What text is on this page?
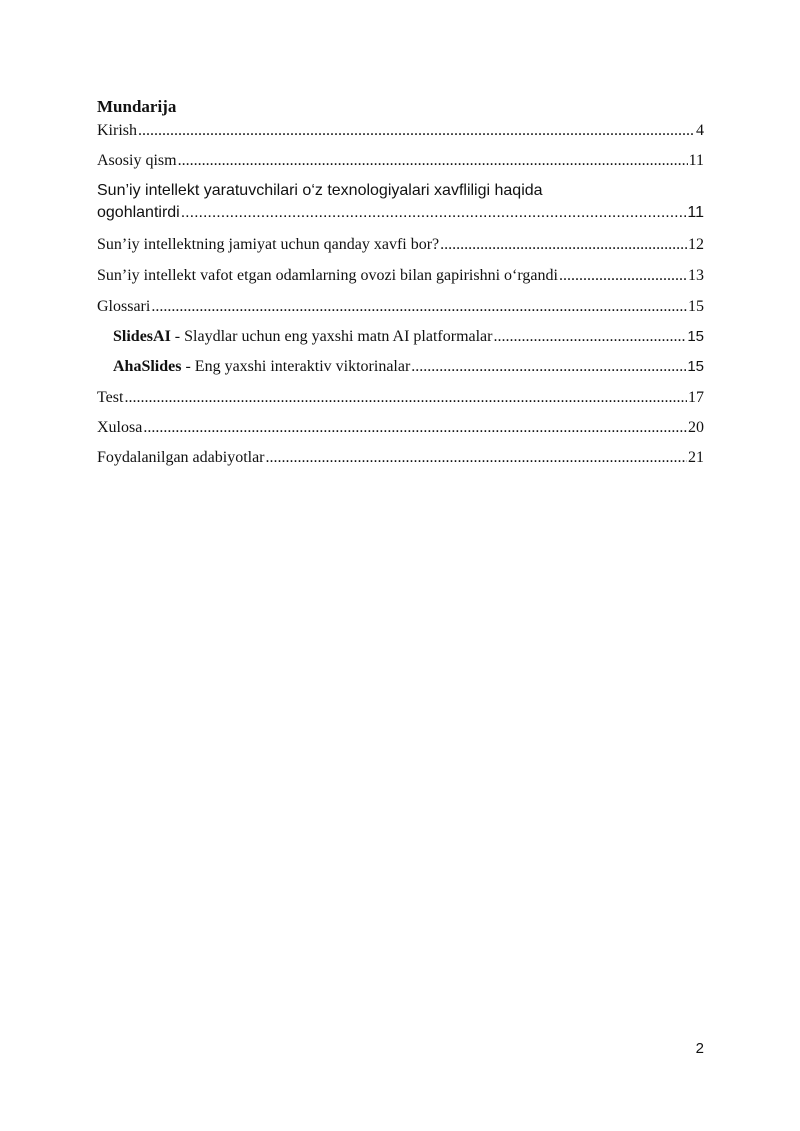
Mundarija
Kirish .....	4
Asosiy qism .....	11
Sun’iy intellekt yaratuvchilari o‘z texnologiyalari xavfliligi haqida
ogohlantirdi .....	11
Sun’iy intellektning jamiyat uchun qanday xavfi bor? .....	12
Sun’iy intellekt vafot etgan odamlarning ovozi bilan gapirishni o‘rgandi .....	13
Glossari .....	15
SlidesAI - Slaydlar uchun eng yaxshi matn AI platformalar .....	15
AhaSlides - Eng yaxshi interaktiv viktorinalar .....	15
Test .....	17
Xulosa .....	20
Foydalanilgan adabiyotlar .....	21
2
